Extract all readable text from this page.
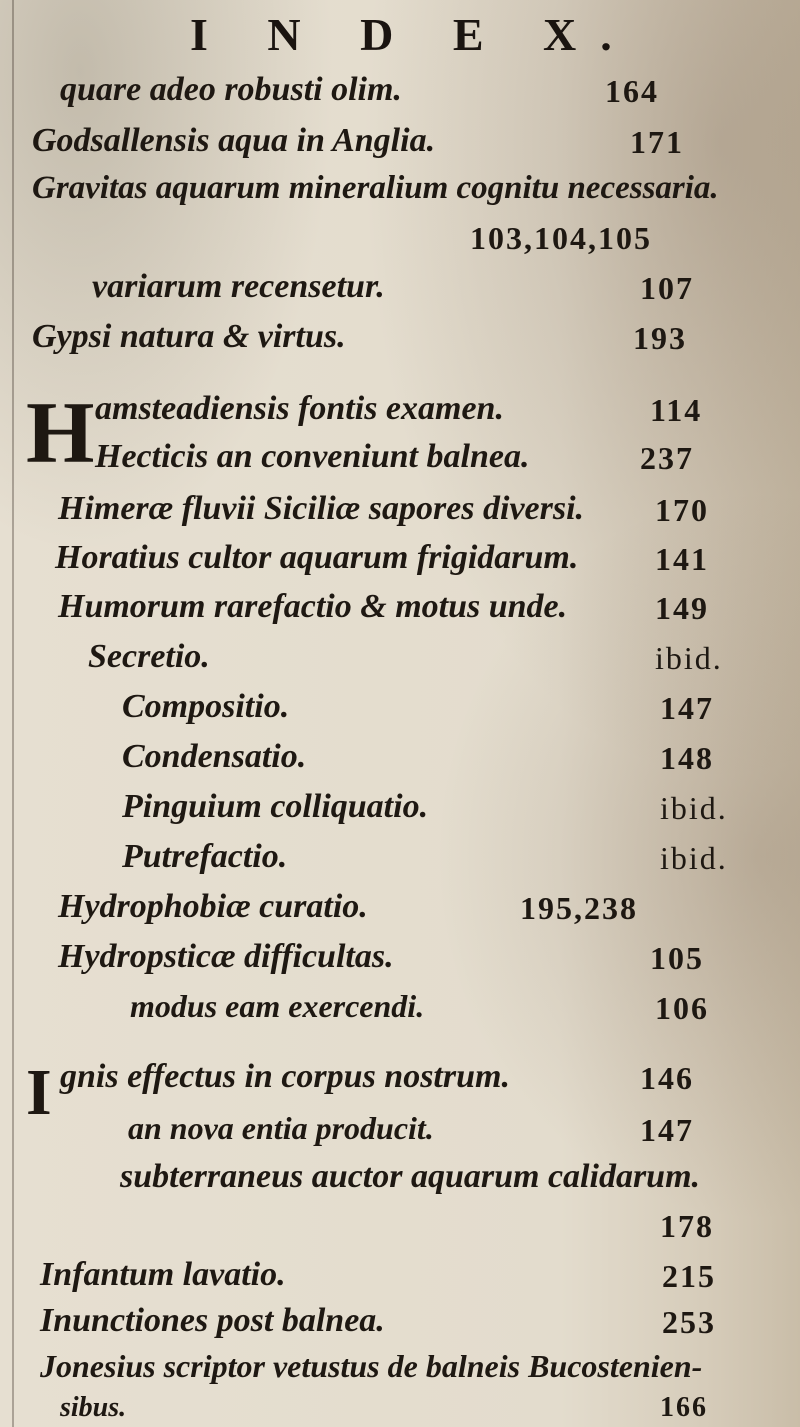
I N D E X.
quare adeo robusti olim.	164
Godsallensis aqua in Anglia.	171
Gravitas aquarum mineralium cognitu necessaria.
103,104,105
variarum recensetur.	107
Gypsi natura & virtus.	193
H amsteadiensis fontis examen.	114
Hecticis an conveniunt balnea.	237
Himeræ fluvii Siciliæ sapores diversi. 170
Horatius cultor aquarum frigidarum. 141
Humorum rarefactio & motus unde.	149
Secretio.	ibid.
Compositio.	147
Condensatio.	148
Pinguium colliquatio.	ibid.
Putrefactio.	ibid.
Hydrophobiæ curatio.	195,238
Hydropsticæ difficultas.	105
modus eam exercendi.	106
I gnis effectus in corpus nostrum.	146
an nova entia producit.	147
subterraneus auctor aquarum calidarum.
178
Infantum lavatio.	215
Inunctiones post balnea.	253
Jonesius scriptor vetustus de balneis Bucostenien-
sibus.	166
